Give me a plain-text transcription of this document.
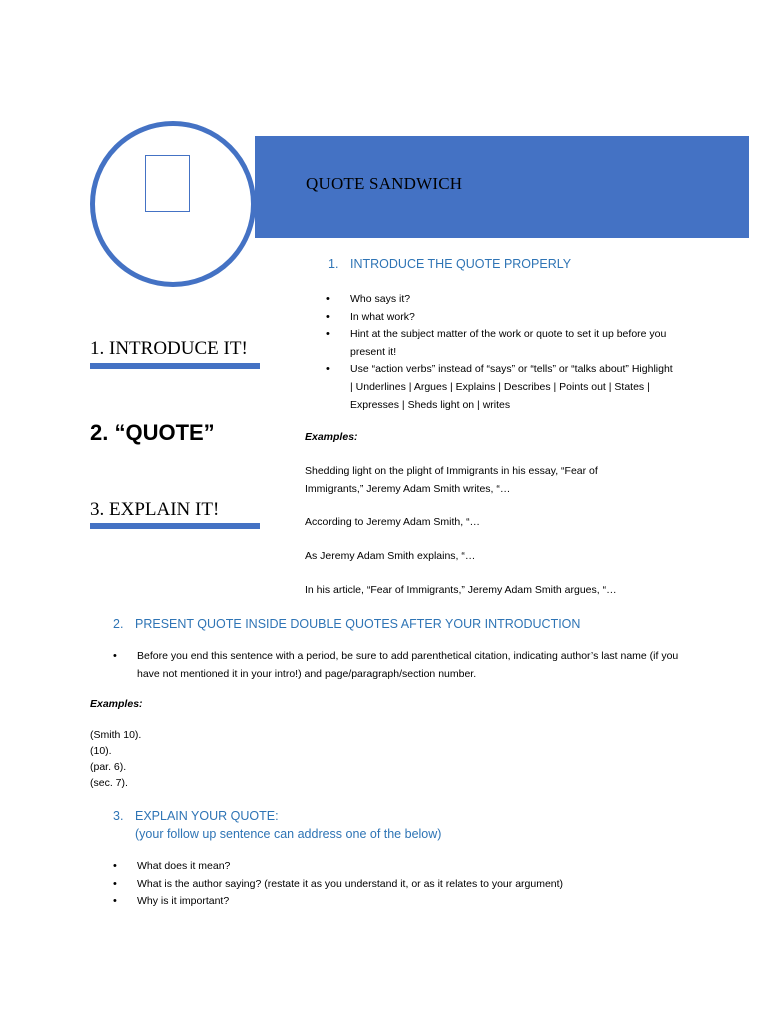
QUOTE SANDWICH
1. INTRODUCE IT!
2. “QUOTE”
3. EXPLAIN IT!
1. INTRODUCE THE QUOTE PROPERLY
• Who says it?
• In what work?
• Hint at the subject matter of the work or quote to set it up before you present it!
• Use “action verbs” instead of “says” or “tells” or “talks about” Highlight | Underlines | Argues | Explains | Describes | Points out | States | Expresses | Sheds light on | writes
Examples:
Shedding light on the plight of Immigrants in his essay, “Fear of Immigrants,” Jeremy Adam Smith writes, “…
According to Jeremy Adam Smith, “…
As Jeremy Adam Smith explains, “…
In his article, “Fear of Immigrants,” Jeremy Adam Smith argues, “…
2. PRESENT QUOTE INSIDE DOUBLE QUOTES AFTER YOUR INTRODUCTION
• Before you end this sentence with a period, be sure to add parenthetical citation, indicating author’s last name (if you have not mentioned it in your intro!) and page/paragraph/section number.
Examples:
(Smith 10).
(10).
(par. 6).
(sec. 7).
3. EXPLAIN YOUR QUOTE:
(your follow up sentence can address one of the below)
• What does it mean?
• What is the author saying? (restate it as you understand it, or as it relates to your argument)
• Why is it important?
